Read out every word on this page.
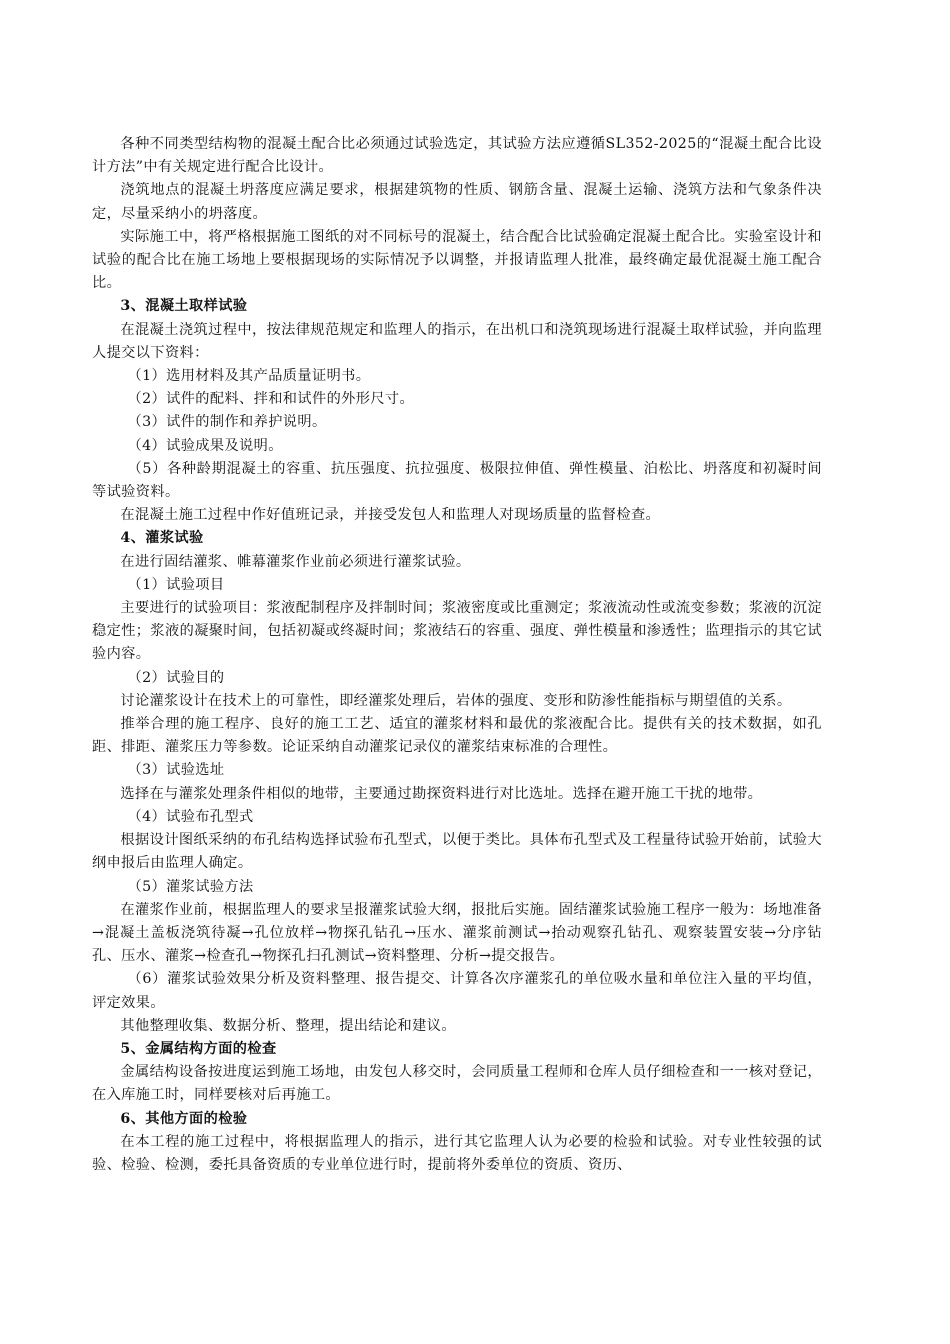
各种不同类型结构物的混凝土配合比必须通过试验选定，其试验方法应遵循SL352-2025的“混凝土配合比设计方法”中有关规定进行配合比设计。

浇筑地点的混凝土坍落度应满足要求，根据建筑物的性质、钢筋含量、混凝土运输、浇筑方法和气象条件决定，尽量采纳小的坍落度。

实际施工中，将严格根据施工图纸的对不同标号的混凝土，结合配合比试验确定混凝土配合比。实验室设计和试验的配合比在施工场地上要根据现场的实际情况予以调整，并报请监理人批准，最终确定最优混凝土施工配合比。

3、混凝土取样试验

在混凝土浇筑过程中，按法律规范规定和监理人的指示，在出机口和浇筑现场进行混凝土取样试验，并向监理人提交以下资料：

（1）选用材料及其产品质量证明书。

（2）试件的配料、拌和和试件的外形尺寸。

（3）试件的制作和养护说明。

（4）试验成果及说明。

（5）各种龄期混凝土的容重、抗压强度、抗拉强度、极限拉伸值、弹性模量、泊松比、坍落度和初凝时间等试验资料。

在混凝土施工过程中作好值班记录，并接受发包人和监理人对现场质量的监督检查。

4、灌浆试验

在进行固结灌浆、帷幕灌浆作业前必须进行灌浆试验。

（1）试验项目

主要进行的试验项目：浆液配制程序及拌制时间；浆液密度或比重测定；浆液流动性或流变参数；浆液的沉淀稳定性；浆液的凝聚时间，包括初凝或终凝时间；浆液结石的容重、强度、弹性模量和渗透性；监理指示的其它试验内容。

（2）试验目的

讨论灌浆设计在技术上的可靠性，即经灌浆处理后，岩体的强度、变形和防渗性能指标与期望值的关系。

推举合理的施工程序、良好的施工工艺、适宜的灌浆材料和最优的浆液配合比。提供有关的技术数据，如孔距、排距、灌浆压力等参数。论证采纳自动灌浆记录仪的灌浆结束标准的合理性。

（3）试验选址

选择在与灌浆处理条件相似的地带，主要通过勘探资料进行对比选址。选择在避开施工干扰的地带。

（4）试验布孔型式

根据设计图纸采纳的布孔结构选择试验布孔型式，以便于类比。具体布孔型式及工程量待试验开始前，试验大纲申报后由监理人确定。

（5）灌浆试验方法

在灌浆作业前，根据监理人的要求呈报灌浆试验大纲，报批后实施。固结灌浆试验施工程序一般为：场地准备→混凝土盖板浇筑待凝→孔位放样→物探孔钻孔→压水、灌浆前测试→抬动观察孔钻孔、观察装置安装→分序钻孔、压水、灌浆→检查孔→物探孔扫孔测试→资料整理、分析→提交报告。

（6）灌浆试验效果分析及资料整理、报告提交、计算各次序灌浆孔的单位吸水量和单位注入量的平均值，评定效果。

其他整理收集、数据分析、整理，提出结论和建议。

5、金属结构方面的检查

金属结构设备按进度运到施工场地，由发包人移交时，会同质量工程师和仓库人员仔细检查和一一核对登记，在入库施工时，同样要核对后再施工。

6、其他方面的检验

在本工程的施工过程中，将根据监理人的指示，进行其它监理人认为必要的检验和试验。对专业性较强的试验、检验、检测，委托具备资质的专业单位进行时，提前将外委单位的资质、资历、
